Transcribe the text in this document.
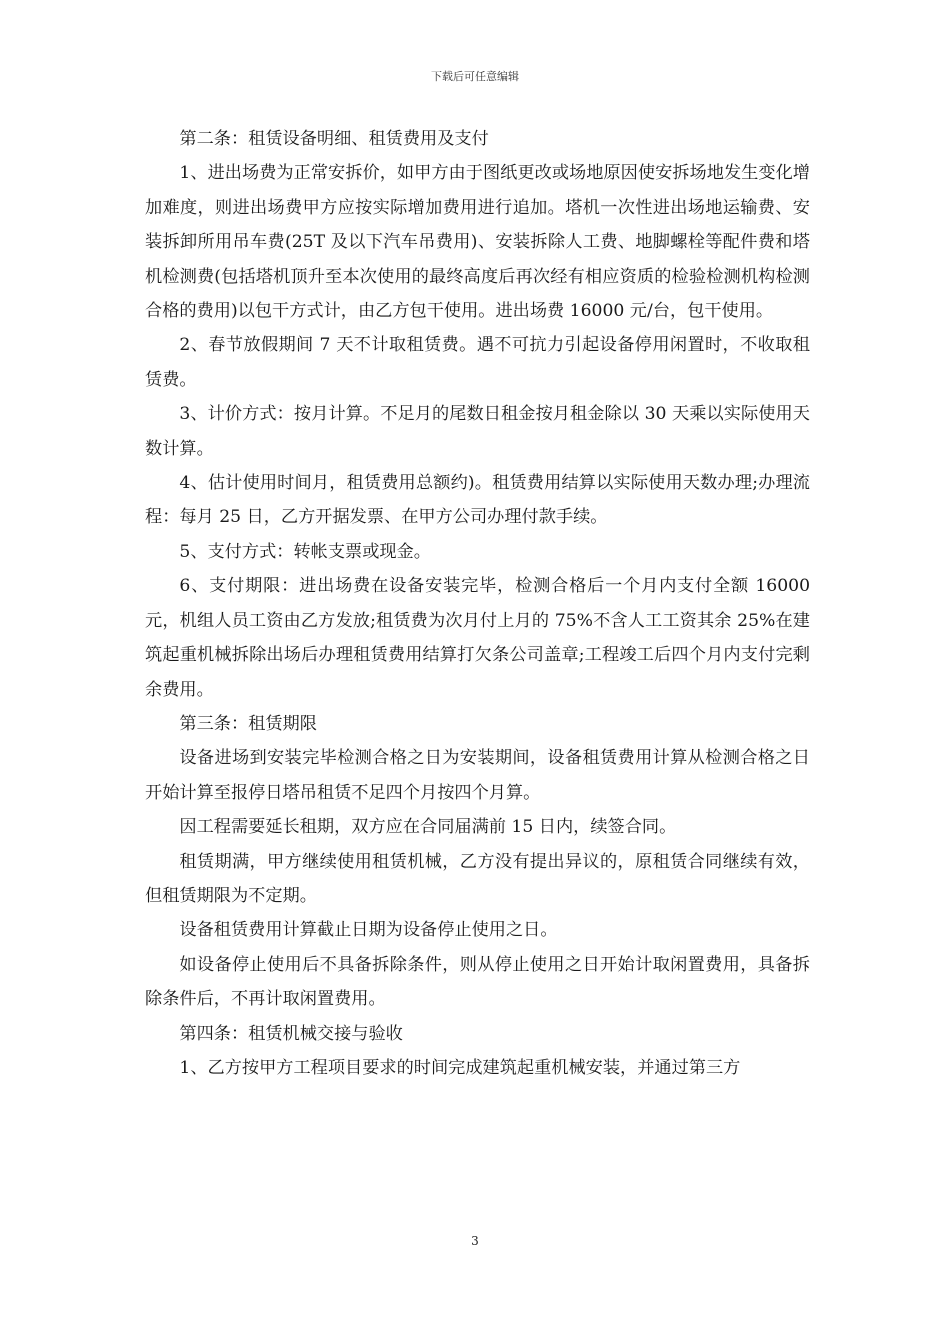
下载后可任意编辑

第二条：租赁设备明细、租赁费用及支付

1、进出场费为正常安拆价，如甲方由于图纸更改或场地原因使安拆场地发生变化增加难度，则进出场费甲方应按实际增加费用进行追加。塔机一次性进出场地运输费、安装拆卸所用吊车费(25T 及以下汽车吊费用)、安装拆除人工费、地脚螺栓等配件费和塔机检测费(包括塔机顶升至本次使用的最终高度后再次经有相应资质的检验检测机构检测合格的费用)以包干方式计，由乙方包干使用。进出场费 16000 元/台，包干使用。

2、春节放假期间 7 天不计取租赁费。遇不可抗力引起设备停用闲置时，不收取租赁费。

3、计价方式：按月计算。不足月的尾数日租金按月租金除以 30 天乘以实际使用天数计算。

4、估计使用时间月，租赁费用总额约)。租赁费用结算以实际使用天数办理;办理流程：每月 25 日，乙方开据发票、在甲方公司办理付款手续。

5、支付方式：转帐支票或现金。

6、支付期限：进出场费在设备安装完毕，检测合格后一个月内支付全额 16000 元，机组人员工资由乙方发放;租赁费为次月付上月的 75%不含人工工资其余 25%在建筑起重机械拆除出场后办理租赁费用结算打欠条公司盖章;工程竣工后四个月内支付完剩余费用。

第三条：租赁期限

设备进场到安装完毕检测合格之日为安装期间，设备租赁费用计算从检测合格之日开始计算至报停日塔吊租赁不足四个月按四个月算。

因工程需要延长租期，双方应在合同届满前 15 日内，续签合同。

租赁期满，甲方继续使用租赁机械，乙方没有提出异议的，原租赁合同继续有效，但租赁期限为不定期。

设备租赁费用计算截止日期为设备停止使用之日。

如设备停止使用后不具备拆除条件，则从停止使用之日开始计取闲置费用，具备拆除条件后，不再计取闲置费用。

第四条：租赁机械交接与验收

1、乙方按甲方工程项目要求的时间完成建筑起重机械安装，并通过第三方

3
